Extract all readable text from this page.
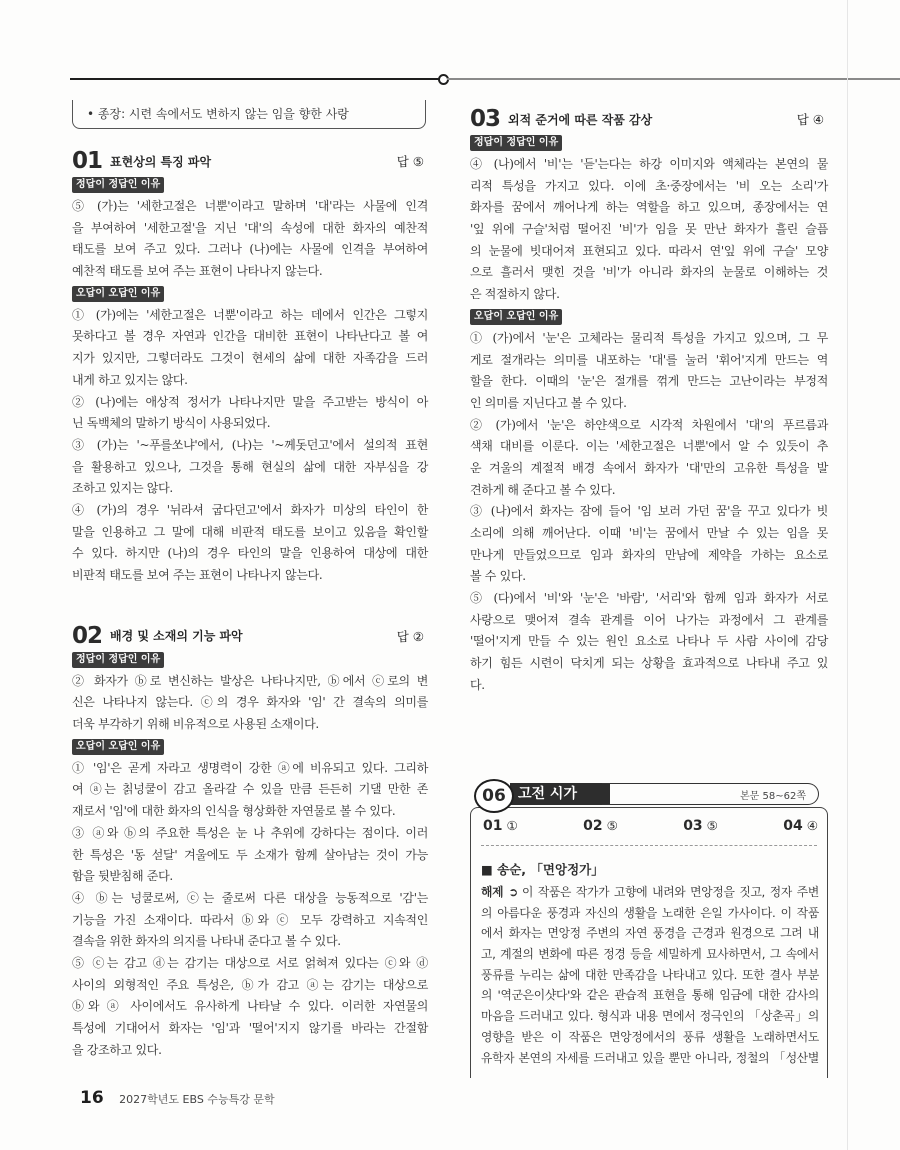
• 종장: 시련 속에서도 변하지 않는 임을 향한 사랑
01 표현상의 특징 파악	답 ⑤
정답이 정답인 이유
⑤ (가)는 '세한고절은 너뿐'이라고 말하며 '대'라는 사물에 인격
을 부여하여 '세한고절'을 지닌 '대'의 속성에 대한 화자의 예찬적
태도를 보여 주고 있다. 그러나 (나)에는 사물에 인격을 부여하여
예찬적 태도를 보여 주는 표현이 나타나지 않는다.
오답이 오답인 이유
① (가)에는 '세한고절은 너뿐'이라고 하는 데에서 인간은 그렇지
못하다고 볼 경우 자연과 인간을 대비한 표현이 나타난다고 볼 여
지가 있지만, 그렇더라도 그것이 현세의 삶에 대한 자족감을 드러
내게 하고 있지는 않다.
② (나)에는 애상적 정서가 나타나지만 말을 주고받는 방식이 아
닌 독백체의 말하기 방식이 사용되었다.
③ (가)는 '~푸를쏘냐'에서, (나)는 '~께돗던고'에서 설의적 표현
을 활용하고 있으나, 그것을 통해 현실의 삶에 대한 자부심을 강
조하고 있지는 않다.
④ (가)의 경우 '뉘라셔 굽다던고'에서 화자가 미상의 타인이 한
말을 인용하고 그 말에 대해 비판적 태도를 보이고 있음을 확인할
수 있다. 하지만 (나)의 경우 타인의 말을 인용하여 대상에 대한
비판적 태도를 보여 주는 표현이 나타나지 않는다.
02 배경 및 소재의 기능 파악	답 ②
정답이 정답인 이유
② 화자가 ⓑ로 변신하는 발상은 나타나지만, ⓑ에서 ⓒ로의 변
신은 나타나지 않는다. ⓒ의 경우 화자와 '임' 간 결속의 의미를
더욱 부각하기 위해 비유적으로 사용된 소재이다.
오답이 오답인 이유
① '임'은 곧게 자라고 생명력이 강한 ⓐ에 비유되고 있다. 그리하
여 ⓐ는 칡넝쿨이 감고 올라갈 수 있을 만큼 든든히 기댈 만한 존
재로서 '임'에 대한 화자의 인식을 형상화한 자연물로 볼 수 있다.
③ ⓐ와 ⓑ의 주요한 특성은 눈 나 추위에 강하다는 점이다. 이러
한 특성은 '동 섣달' 겨울에도 두 소재가 함께 살아남는 것이 가능
함을 뒷받침해 준다.
④ ⓑ는 넝쿨로써, ⓒ는 줄로써 다른 대상을 능동적으로 '감'는
기능을 가진 소재이다. 따라서 ⓑ와 ⓒ 모두 강력하고 지속적인
결속을 위한 화자의 의지를 나타내 준다고 볼 수 있다.
⑤ ⓒ는 감고 ⓓ는 감기는 대상으로 서로 얽혀져 있다는 ⓒ와 ⓓ
사이의 외형적인 주요 특성은, ⓑ가 감고 ⓐ는 감기는 대상으로
ⓑ와 ⓐ 사이에서도 유사하게 나타날 수 있다. 이러한 자연물의
특성에 기대어서 화자는 '임'과 '떨어'지지 않기를 바라는 간절함
을 강조하고 있다.
03 외적 준거에 따른 작품 감상	답 ④
정답이 정답인 이유
④ (나)에서 '비'는 '듣'는다는 하강 이미지와 액체라는 본연의 물
리적 특성을 가지고 있다. 이에 초·중장에서는 '비 오는 소리'가
화자를 꿈에서 깨어나게 하는 역할을 하고 있으며, 종장에서는 연
'잎 위에 구슬'처럼 떨어진 '비'가 임을 못 만난 화자가 흘린 슬픔
의 눈물에 빗대어져 표현되고 있다. 따라서 연'잎 위에 구슬' 모양
으로 흘러서 맺힌 것을 '비'가 아니라 화자의 눈물로 이해하는 것
은 적절하지 않다.
오답이 오답인 이유
① (가)에서 '눈'은 고체라는 물리적 특성을 가지고 있으며, 그 무
게로 절개라는 의미를 내포하는 '대'를 눌러 '휘어'지게 만드는 역
할을 한다. 이때의 '눈'은 절개를 꺾게 만드는 고난이라는 부정적
인 의미를 지닌다고 볼 수 있다.
② (가)에서 '눈'은 하얀색으로 시각적 차원에서 '대'의 푸르름과
색채 대비를 이룬다. 이는 '세한고절은 너뿐'에서 알 수 있듯이 추
운 겨울의 계절적 배경 속에서 화자가 '대'만의 고유한 특성을 발
견하게 해 준다고 볼 수 있다.
③ (나)에서 화자는 잠에 들어 '임 보러 가던 꿈'을 꾸고 있다가 빗
소리에 의해 깨어난다. 이때 '비'는 꿈에서 만날 수 있는 임을 못
만나게 만들었으므로 임과 화자의 만남에 제약을 가하는 요소로
볼 수 있다.
⑤ (다)에서 '비'와 '눈'은 '바람', '서리'와 함께 임과 화자가 서로
사랑으로 맺어져 결속 관계를 이어 나가는 과정에서 그 관계를
'떨어'지게 만들 수 있는 원인 요소로 나타나 두 사람 사이에 감당
하기 힘든 시련이 닥치게 되는 상황을 효과적으로 나타내 주고 있
다.
06 고전 시가	본문 58~62쪽
01 ①	02 ⑤	03 ⑤	04 ④
■ 송순, 「면앙정가」
해제 ➲ 이 작품은 작가가 고향에 내려와 면앙정을 짓고, 정자 주변
의 아름다운 풍경과 자신의 생활을 노래한 은일 가사이다. 이 작품
에서 화자는 면앙정 주변의 자연 풍경을 근경과 원경으로 그려 내
고, 계절의 변화에 따른 정경 등을 세밀하게 묘사하면서, 그 속에서
풍류를 누리는 삶에 대한 만족감을 나타내고 있다. 또한 결사 부분
의 '역군은이샷다'와 같은 관습적 표현을 통해 임금에 대한 감사의
마음을 드러내고 있다. 형식과 내용 면에서 정극인의 「상춘곡」의
영향을 받은 이 작품은 면앙정에서의 풍류 생활을 노래하면서도
유학자 본연의 자세를 드러내고 있을 뿐만 아니라, 정철의 「성산별
16 2027학년도 EBS 수능특강 문학
